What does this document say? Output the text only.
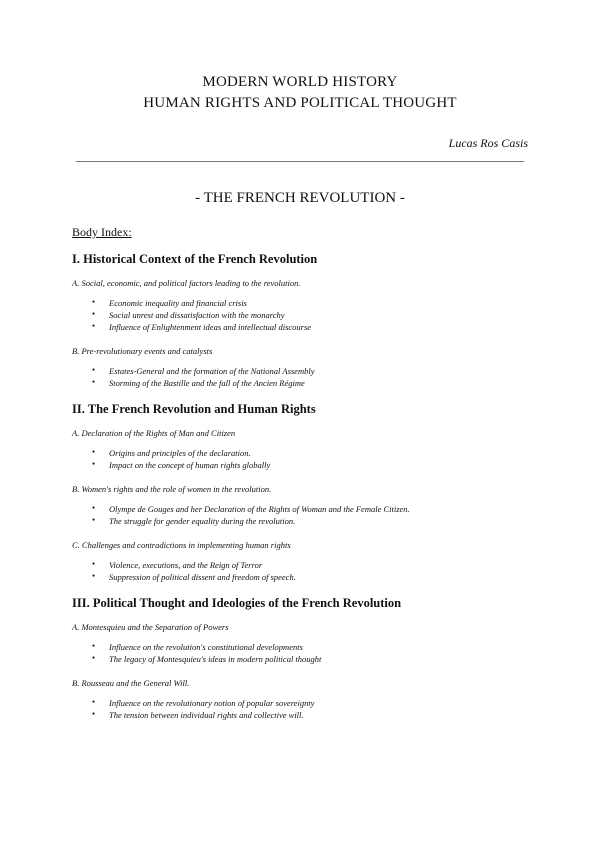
MODERN WORLD HISTORY
HUMAN RIGHTS AND POLITICAL THOUGHT
Lucas Ros Casis
- THE FRENCH REVOLUTION -
Body Index:

I. Historical Context of the French Revolution

A. Social, economic, and political factors leading to the revolution.

● Economic inequality and financial crisis
● Social unrest and dissatisfaction with the monarchy
● Influence of Enlightenment ideas and intellectual discourse

B. Pre-revolutionary events and catalysts

● Estates-General and the formation of the National Assembly
● Storming of the Bastille and the fall of the Ancien Régime

II. The French Revolution and Human Rights

A. Declaration of the Rights of Man and Citizen

● Origins and principles of the declaration.
● Impact on the concept of human rights globally

B. Women's rights and the role of women in the revolution.

● Olympe de Gouges and her Declaration of the Rights of Woman and the Female Citizen.
● The struggle for gender equality during the revolution.

C. Challenges and contradictions in implementing human rights

● Violence, executions, and the Reign of Terror
● Suppression of political dissent and freedom of speech.

III. Political Thought and Ideologies of the French Revolution

A. Montesquieu and the Separation of Powers

● Influence on the revolution's constitutional developments
● The legacy of Montesquieu's ideas in modern political thought

B. Rousseau and the General Will.

● Influence on the revolutionary notion of popular sovereignty
● The tension between individual rights and collective will.
